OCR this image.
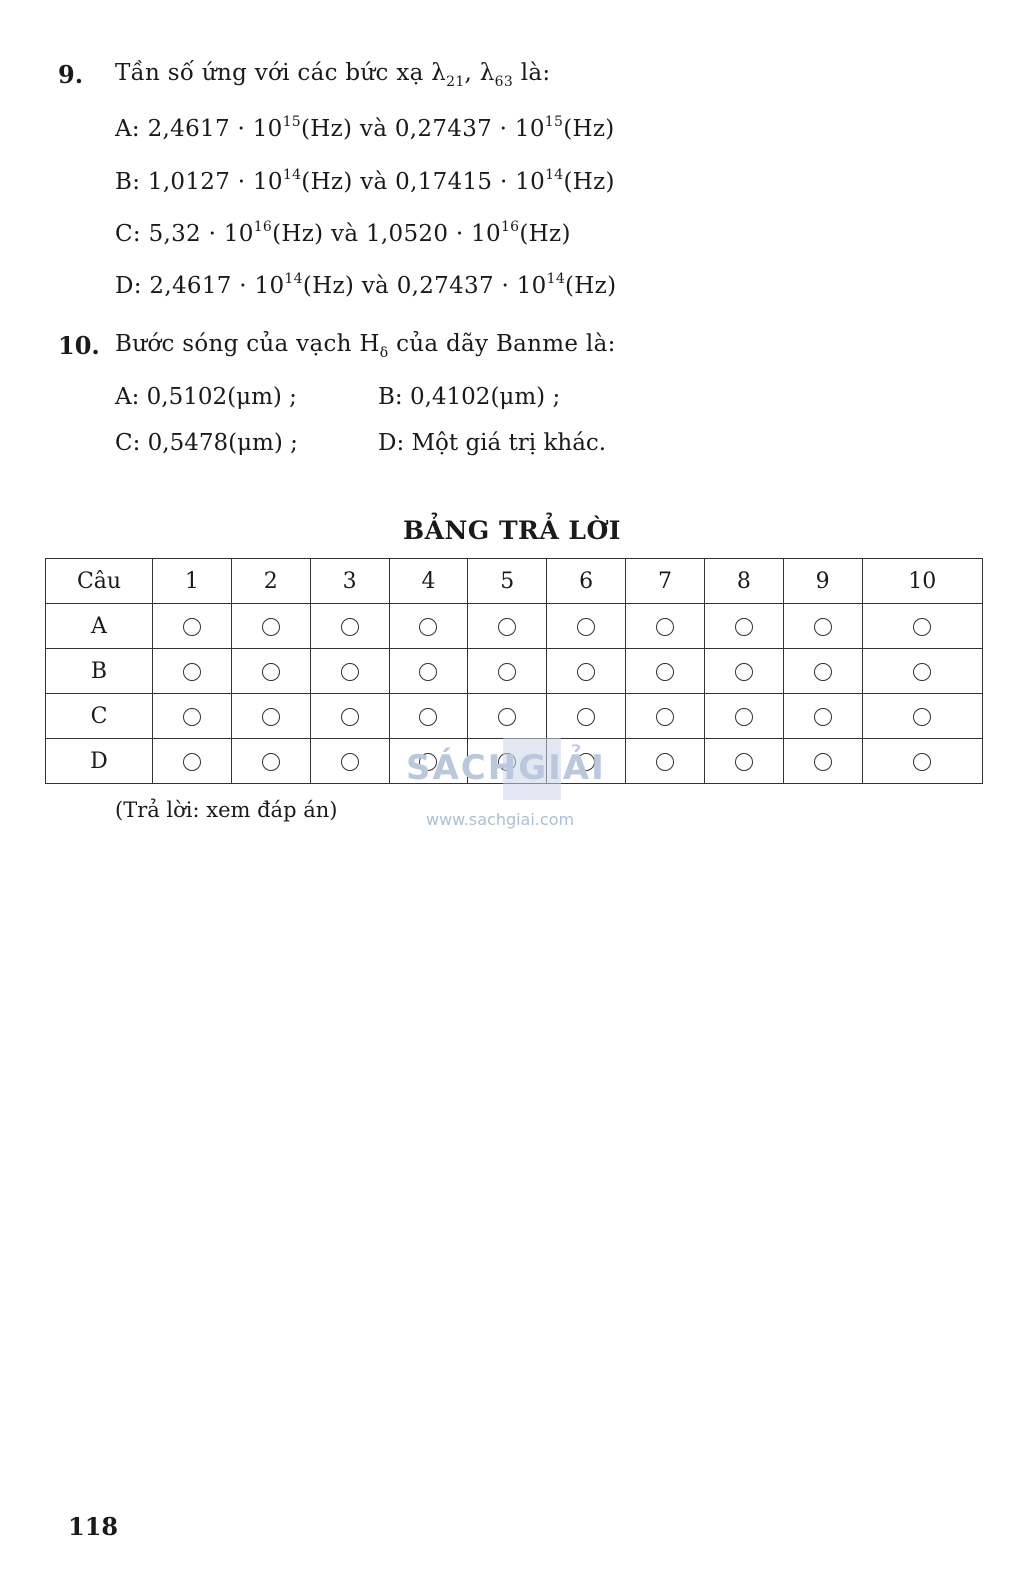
9. Tần số ứng với các bức xạ $\lambda_{21}$, $\lambda_{63}$ là:
A: $2,4617 \cdot 10^{15}(Hz)$ và $0,27437 \cdot 10^{15}(Hz)$
B: $1,0127 \cdot 10^{14}(Hz)$ và $0,17415 \cdot 10^{14}(Hz)$
C: $5,32 \cdot 10^{16}(Hz)$ và $1,0520 \cdot 10^{16}(Hz)$
D: $2,4617 \cdot 10^{14}(Hz)$ và $0,27437 \cdot 10^{14}(Hz)$
10. Bước sóng của vạch $H_\delta$ của dãy Banme là:
A: 0,5102(μm) ;	B: 0,4102(μm) ;
C: 0,5478(μm) ;	D: Một giá trị khác.
BẢNG TRẢ LỜI
Câu	1	2	3	4	5	6	7	8	9	10
A										
B										
C										
D										
(Trả lời: xem đáp án)
SÁCHGIẢI
www.sachgiai.com
118
